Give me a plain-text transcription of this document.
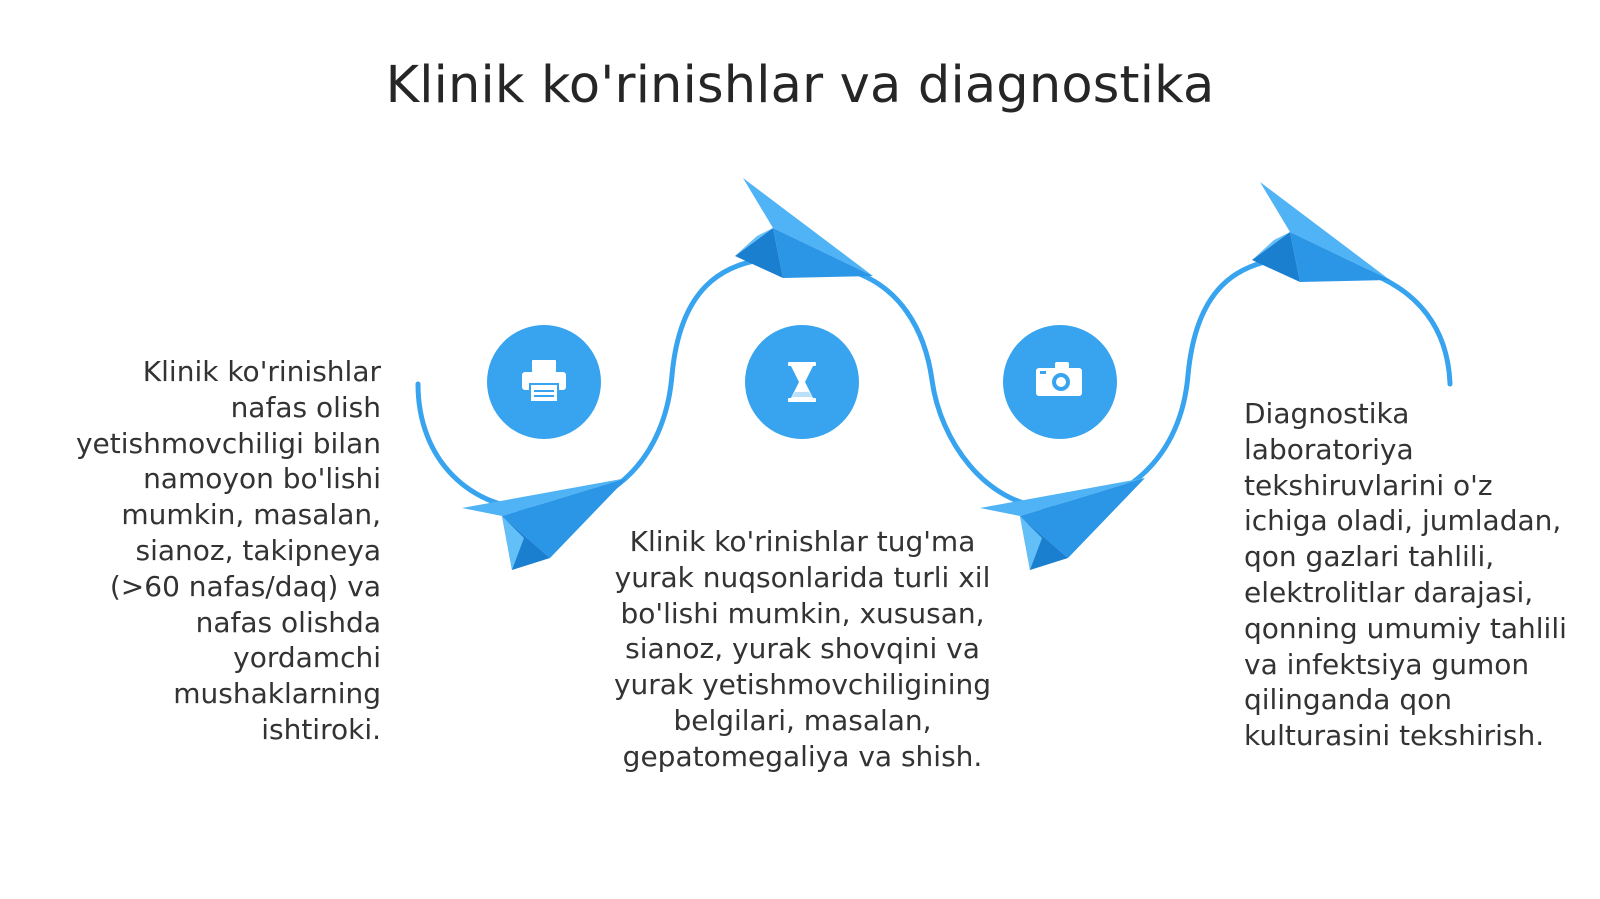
Klinik ko'rinishlar va diagnostika
Klinik ko'rinishlar nafas olish yetishmovchiligi bilan namoyon bo'lishi mumkin, masalan, sianoz, takipneya (>60 nafas/daq) va nafas olishda yordamchi mushaklarning ishtiroki.
Klinik ko'rinishlar tug'ma yurak nuqsonlarida turli xil bo'lishi mumkin, xususan, sianoz, yurak shovqini va yurak yetishmovchiligining belgilari, masalan, gepatomegaliya va shish.
Diagnostika laboratoriya tekshiruvlarini o'z ichiga oladi, jumladan, qon gazlari tahlili, elektrolitlar darajasi, qonning umumiy tahlili va infektsiya gumon qilinganda qon kulturasini tekshirish.
